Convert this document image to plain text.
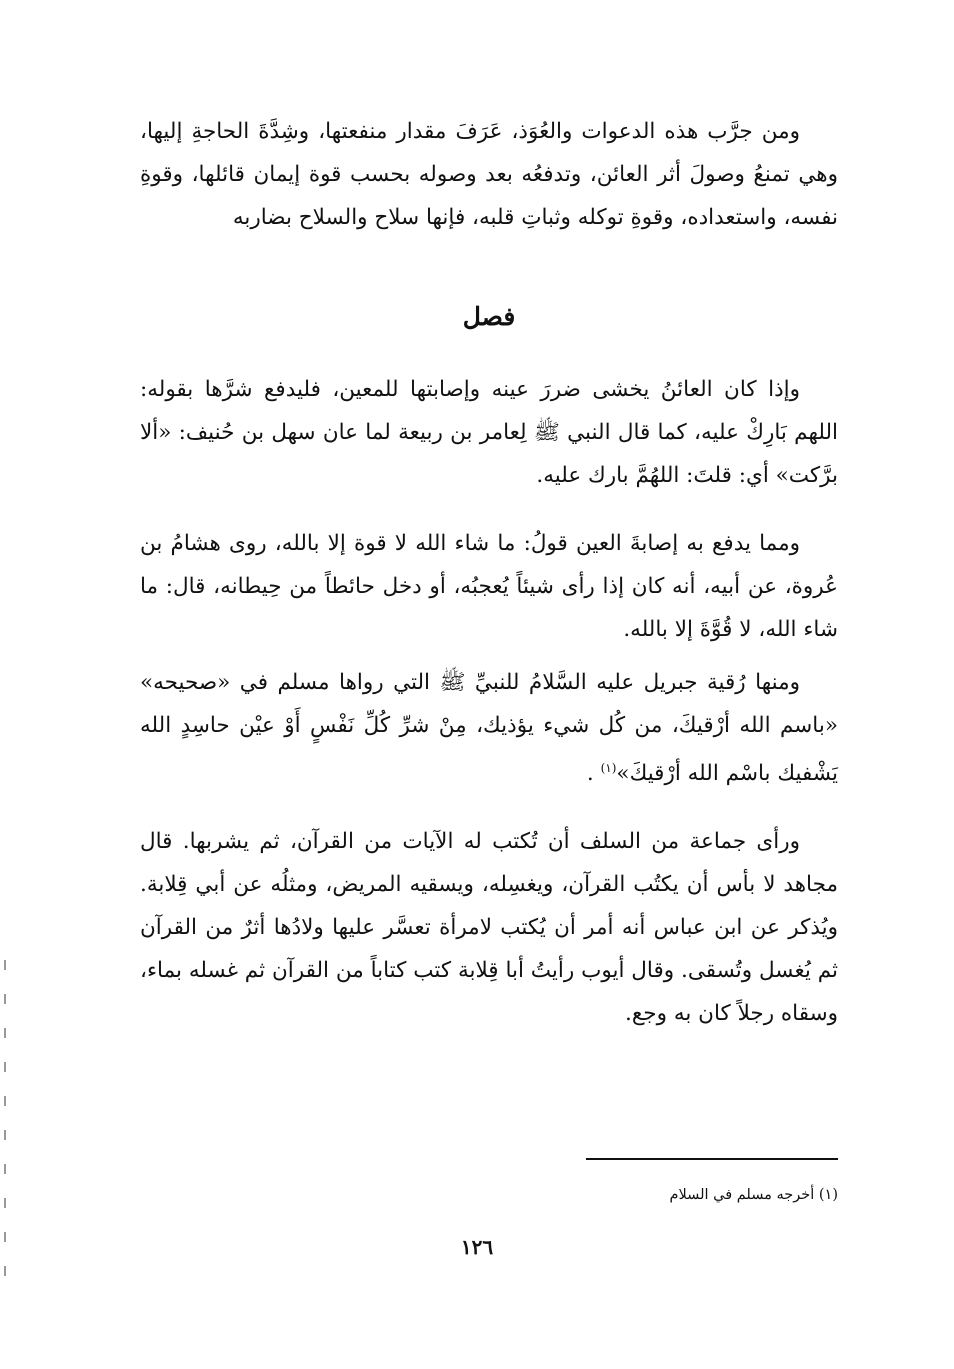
ومن جرَّب هذه الدعوات والعُوَذ، عَرَفَ مقدار منفعتها، وشِدَّةَ الحاجةِ إليها، وهي تمنعُ وصولَ أثر العائن، وتدفعُه بعد وصوله بحسب قوة إيمان قائلها، وقوةِ نفسه، واستعداده، وقوةِ توكله وثباتِ قلبه، فإنها سلاح والسلاح بضاربه

فصل

وإذا كان العائنُ يخشى ضررَ عينه وإصابتها للمعين، فليدفع شرَّها بقوله: اللهم بَارِكْ عليه، كما قال النبي ﷺ لِعامر بن ربيعة لما عان سهل بن حُنيف: «ألا برَّكت» أي: قلتَ: اللهُمَّ بارك عليه.

ومما يدفع به إصابةَ العين قولُ: ما شاء الله لا قوة إلا بالله، روى هشامُ بن عُروة، عن أبيه، أنه كان إذا رأى شيئاً يُعجبُه، أو دخل حائطاً من حِيطانه، قال: ما شاء الله، لا قُوَّةَ إلا بالله.

ومنها رُقية جبريل عليه السَّلامُ للنبيِّ ﷺ التي رواها مسلم في «صحيحه» «باسم الله أرْقيكَ، من كُل شيء يؤذيك، مِنْ شرِّ كُلِّ نَفْسٍ أَوْ عيْن حاسِدٍ الله يَشْفيك باسْم الله أرْقيكَ»$^{(١)}$ .

ورأى جماعة من السلف أن تُكتب له الآيات من القرآن، ثم يشربها. قال مجاهد لا بأس أن يكتُب القرآن، ويغسِله، ويسقيه المريض، ومثلُه عن أبي قِلابة. ويُذكر عن ابن عباس أنه أمر أن يُكتب لامرأة تعسَّر عليها ولادُها أثرٌ من القرآن ثم يُغسل وتُسقى. وقال أيوب رأيتُ أبا قِلابة كتب كتاباً من القرآن ثم غسله بماء، وسقاه رجلاً كان به وجع.

(١) أخرجه مسلم في السلام
١٢٦
